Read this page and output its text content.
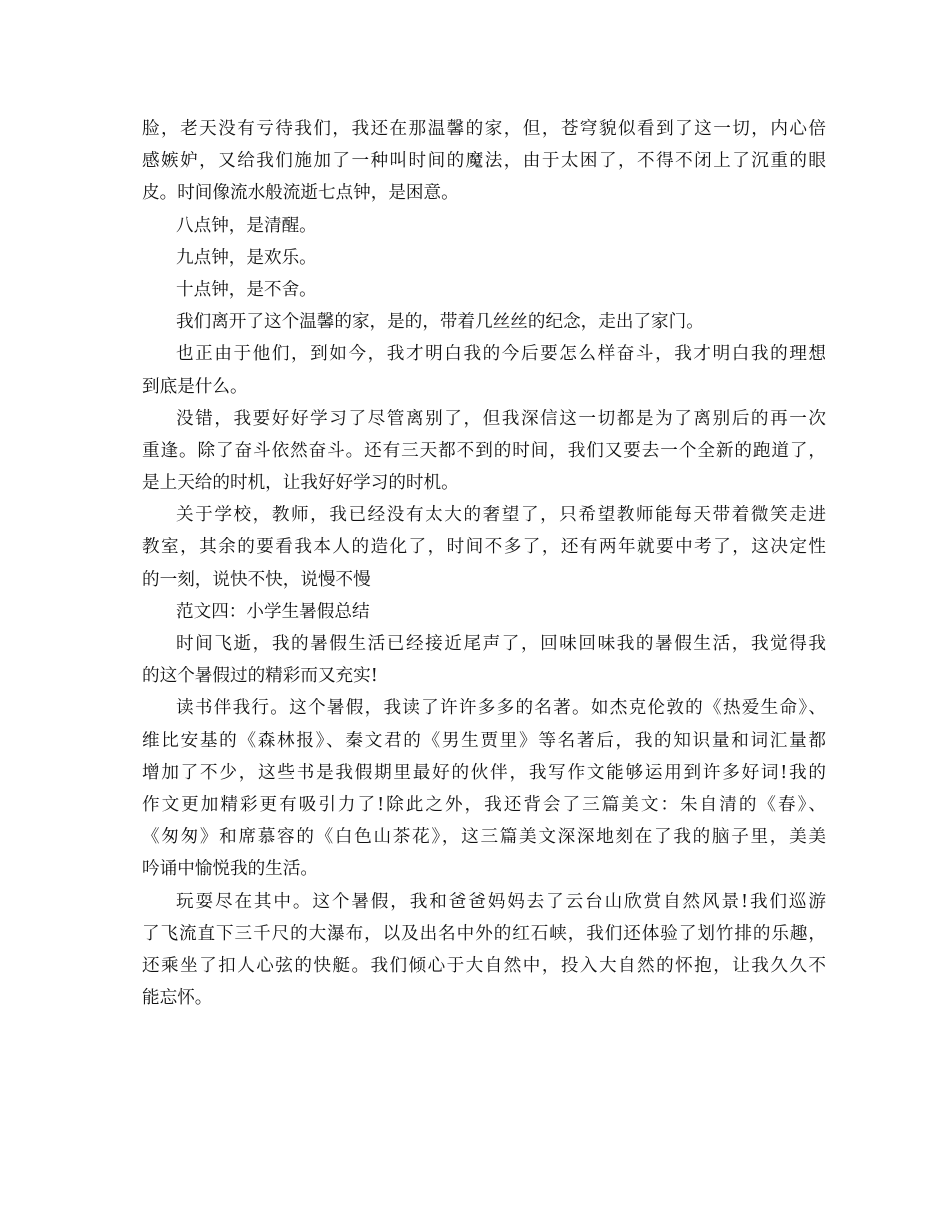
脸，老天没有亏待我们，我还在那温馨的家，但，苍穹貌似看到了这一切，内心倍
感嫉妒，又给我们施加了一种叫时间的魔法，由于太困了，不得不闭上了沉重的眼
皮。时间像流水般流逝七点钟，是困意。
八点钟，是清醒。
九点钟，是欢乐。
十点钟，是不舍。
我们离开了这个温馨的家，是的，带着几丝丝的纪念，走出了家门。
也正由于他们，到如今，我才明白我的今后要怎么样奋斗，我才明白我的理想
到底是什么。
没错，我要好好学习了尽管离别了，但我深信这一切都是为了离别后的再一次
重逢。除了奋斗依然奋斗。还有三天都不到的时间，我们又要去一个全新的跑道了，
是上天给的时机，让我好好学习的时机。
关于学校，教师，我已经没有太大的奢望了，只希望教师能每天带着微笑走进
教室，其余的要看我本人的造化了，时间不多了，还有两年就要中考了，这决定性
的一刻，说快不快，说慢不慢
范文四：小学生暑假总结
时间飞逝，我的暑假生活已经接近尾声了，回味回味我的暑假生活，我觉得我
的这个暑假过的精彩而又充实!
读书伴我行。这个暑假，我读了许许多多的名著。如杰克伦敦的《热爱生命》、
维比安基的《森林报》、秦文君的《男生贾里》等名著后，我的知识量和词汇量都
增加了不少，这些书是我假期里最好的伙伴，我写作文能够运用到许多好词!我的
作文更加精彩更有吸引力了!除此之外，我还背会了三篇美文：朱自清的《春》、
《匆匆》和席慕容的《白色山茶花》，这三篇美文深深地刻在了我的脑子里，美美
吟诵中愉悦我的生活。
玩耍尽在其中。这个暑假，我和爸爸妈妈去了云台山欣赏自然风景!我们巡游
了飞流直下三千尺的大瀑布，以及出名中外的红石峡，我们还体验了划竹排的乐趣，
还乘坐了扣人心弦的快艇。我们倾心于大自然中，投入大自然的怀抱，让我久久不
能忘怀。
